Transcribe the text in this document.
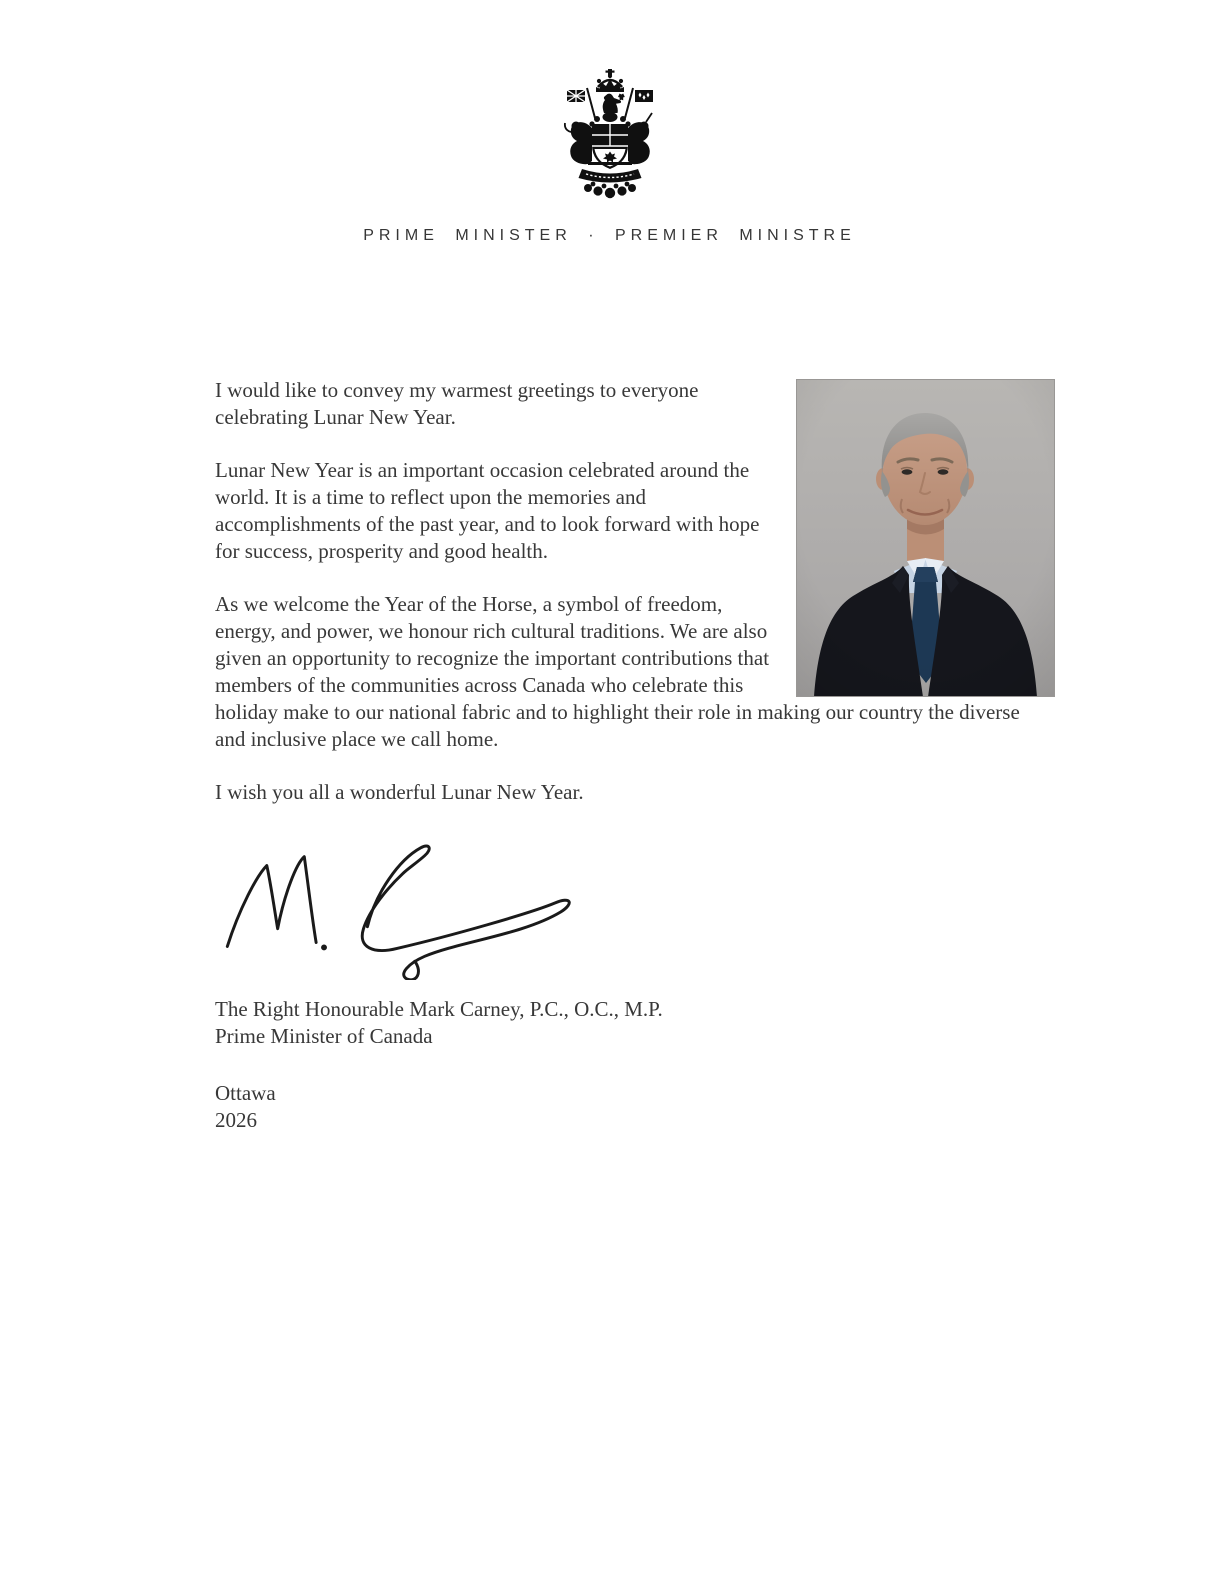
PRIME MINISTER · PREMIER MINISTRE

I would like to convey my warmest greetings to everyone celebrating Lunar New Year.

Lunar New Year is an important occasion celebrated around the world. It is a time to reflect upon the memories and accomplishments of the past year, and to look forward with hope for success, prosperity and good health.

As we welcome the Year of the Horse, a symbol of freedom, energy, and power, we honour rich cultural traditions. We are also given an opportunity to recognize the important contributions that members of the communities across Canada who celebrate this holiday make to our national fabric and to highlight their role in making our country the diverse and inclusive place we call home.

I wish you all a wonderful Lunar New Year.

The Right Honourable Mark Carney, P.C., O.C., M.P.
Prime Minister of Canada
Ottawa
2026
